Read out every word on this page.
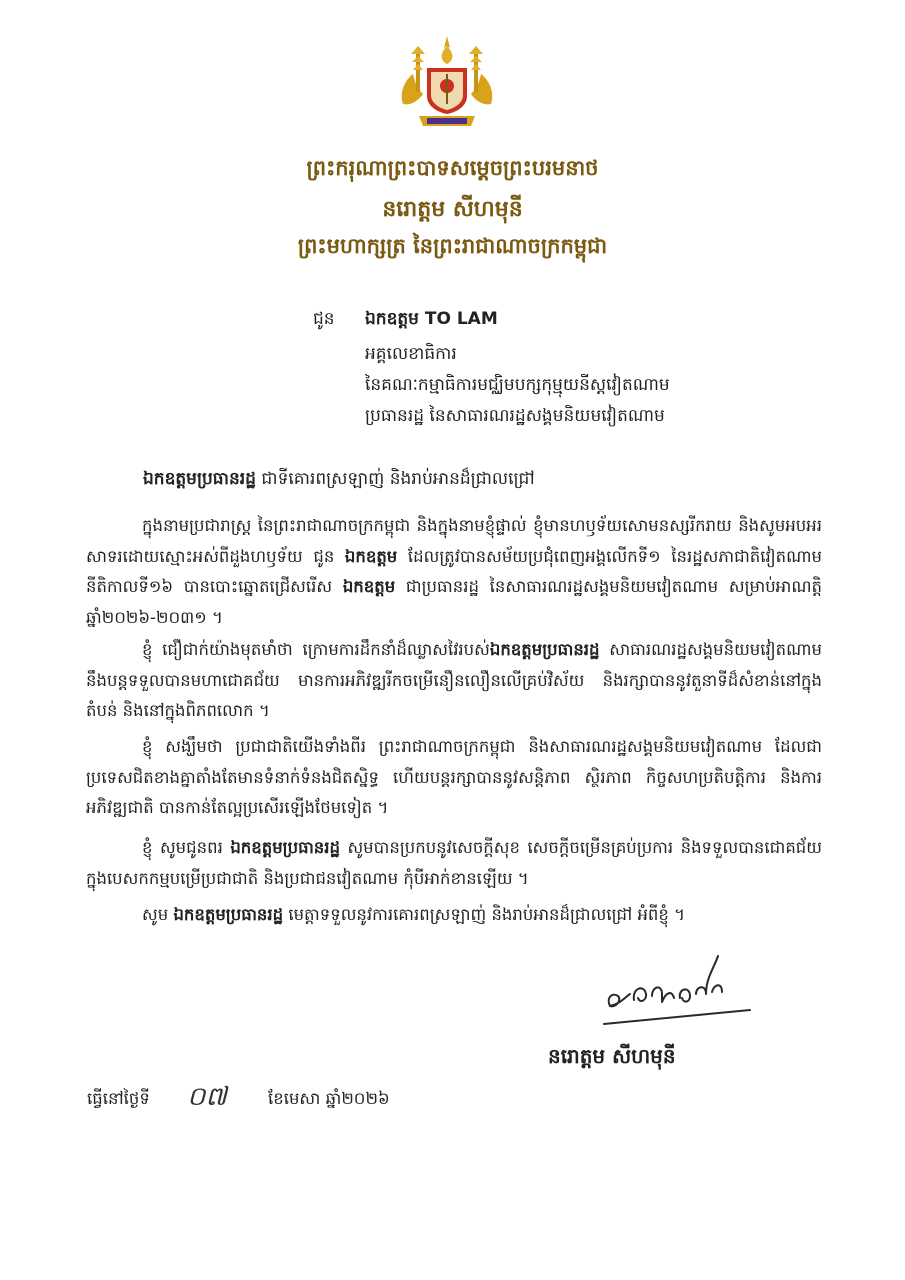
ព្រះករុណាព្រះបាទសម្តេចព្រះបរមនាថ
នរោត្តម សីហមុនី
ព្រះមហាក្សត្រ នៃព្រះរាជាណាចក្រកម្ពុជា
ជូន ឯកឧត្តម TO LAM
អគ្គលេខាធិការ
នៃគណៈកម្មាធិការមជ្ឈិមបក្សកុម្មុយនីស្តវៀតណាម
ប្រធានរដ្ឋ នៃសាធារណរដ្ឋសង្គមនិយមវៀតណាម
ឯកឧត្តមប្រធានរដ្ឋ ជាទីគោរពស្រឡាញ់ និងរាប់អានដ៏ជ្រាលជ្រៅ
ក្នុងនាមប្រជារាស្ត្រ នៃព្រះរាជាណាចក្រកម្ពុជា និងក្នុងនាមខ្ញុំផ្ទាល់ ខ្ញុំមានហឫទ័យសោមនស្សរីករាយ និងសូមអបអរសាទរដោយស្មោះអស់ពីដួងហឫទ័យ ជូន ឯកឧត្តម ដែលត្រូវបានសម័យប្រជុំពេញអង្គលើកទី១ នៃរដ្ឋសភាជាតិវៀតណាម នីតិកាលទី១៦ បានបោះឆ្នោតជ្រើសរើស ឯកឧត្តម ជាប្រធានរដ្ឋ នៃសាធារណរដ្ឋសង្គមនិយមវៀតណាម សម្រាប់អាណត្តិឆ្នាំ២០២៦-២០៣១ ។
ខ្ញុំ ជឿជាក់យ៉ាងមុតមាំថា ក្រោមការដឹកនាំដ៏ឈ្លាសវៃរបស់ឯកឧត្តមប្រធានរដ្ឋ សាធារណរដ្ឋសង្គមនិយមវៀតណាម នឹងបន្តទទួលបានមហាជោគជ័យ មានការអភិវឌ្ឍរីកចម្រើនឿនលឿនលើគ្រប់វិស័យ និងរក្សាបាននូវតួនាទីដ៏សំខាន់នៅក្នុងតំបន់ និងនៅក្នុងពិភពលោក ។
ខ្ញុំ សង្ឃឹមថា ប្រជាជាតិយើងទាំងពីរ ព្រះរាជាណាចក្រកម្ពុជា និងសាធារណរដ្ឋសង្គមនិយមវៀតណាម ដែលជាប្រទេសជិតខាងគ្នាតាំងតែមានទំនាក់ទំនងជិតស្និទ្ធ ហើយបន្តរក្សាបាននូវសន្តិភាព ស្ថិរភាព កិច្ចសហប្រតិបត្តិការ និងការអភិវឌ្ឍជាតិ បានកាន់តែល្អប្រសើរឡើងថែមទៀត ។
ខ្ញុំ សូមជូនពរ ឯកឧត្តមប្រធានរដ្ឋ សូមបានប្រកបនូវសេចក្តីសុខ សេចក្តីចម្រើនគ្រប់ប្រការ និងទទួលបានជោគជ័យក្នុងបេសកកម្មបម្រើប្រជាជាតិ និងប្រជាជនវៀតណាម កុំបីអាក់ខានឡើយ ។
សូម ឯកឧត្តមប្រធានរដ្ឋ មេត្តាទទួលនូវការគោរពស្រឡាញ់ និងរាប់អានដ៏ជ្រាលជ្រៅ អំពីខ្ញុំ ។
នរោត្តម សីហមុនី
ធ្វើនៅថ្ងៃទី ០៧	ខែមេសា ឆ្នាំ២០២៦
